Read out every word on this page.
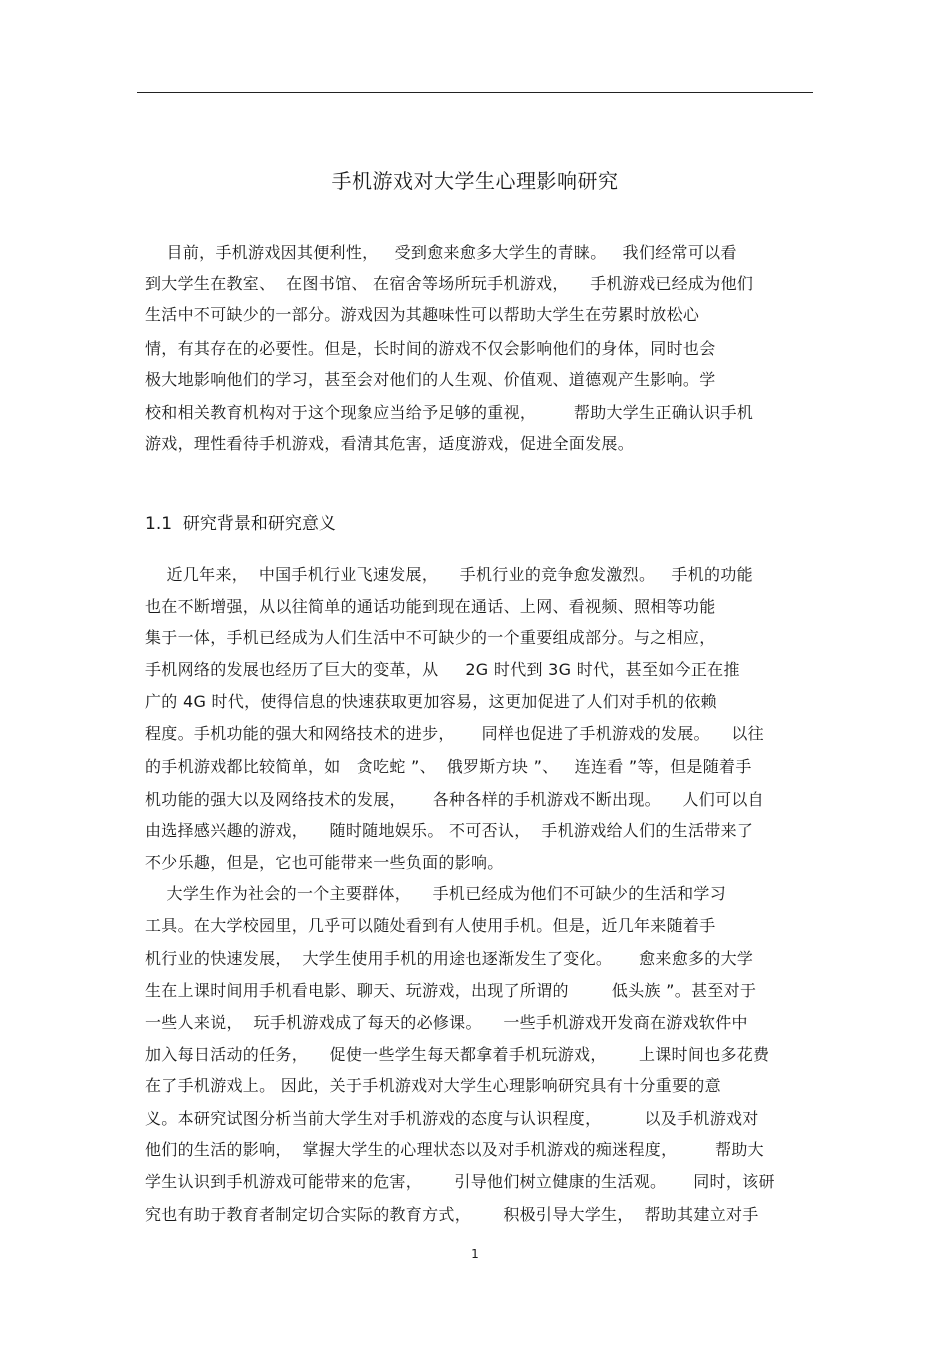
手机游戏对大学生心理影响研究

目前，手机游戏因其便利性，   受到愈来愈多大学生的青睐。   我们经常可以看

到大学生在教室、  在图书馆、 在宿舍等场所玩手机游戏，    手机游戏已经成为他们

生活中不可缺少的一部分。游戏因为其趣味性可以帮助大学生在劳累时放松心

情，有其存在的必要性。但是，长时间的游戏不仅会影响他们的身体，同时也会

极大地影响他们的学习，甚至会对他们的人生观、价值观、道德观产生影响。学

校和相关教育机构对于这个现象应当给予足够的重视，       帮助大学生正确认识手机

游戏，理性看待手机游戏，看清其危害，适度游戏，促进全面发展。

1.1  研究背景和研究意义

近几年来，  中国手机行业飞速发展，    手机行业的竞争愈发激烈。   手机的功能

也在不断增强，从以往简单的通话功能到现在通话、上网、看视频、照相等功能

集于一体，手机已经成为人们生活中不可缺少的一个重要组成部分。与之相应，

手机网络的发展也经历了巨大的变革，从     2G 时代到 3G 时代，甚至如今正在推

广的 4G 时代，使得信息的快速获取更加容易，这更加促进了人们对手机的依赖

程度。手机功能的强大和网络技术的进步，     同样也促进了手机游戏的发展。    以往

的手机游戏都比较简单，如   贪吃蛇 ”、  俄罗斯方块 ”、   连连看 ”等，但是随着手

机功能的强大以及网络技术的发展，     各种各样的手机游戏不断出现。    人们可以自

由选择感兴趣的游戏，    随时随地娱乐。 不可否认，  手机游戏给人们的生活带来了

不少乐趣，但是，它也可能带来一些负面的影响。

大学生作为社会的一个主要群体，    手机已经成为他们不可缺少的生活和学习

工具。在大学校园里，几乎可以随处看到有人使用手机。但是，近几年来随着手

机行业的快速发展，  大学生使用手机的用途也逐渐发生了变化。     愈来愈多的大学

生在上课时间用手机看电影、聊天、玩游戏，出现了所谓的        低头族 ”。甚至对于

一些人来说，  玩手机游戏成了每天的必修课。    一些手机游戏开发商在游戏软件中

加入每日活动的任务，    促使一些学生每天都拿着手机玩游戏，      上课时间也多花费

在了手机游戏上。 因此，关于手机游戏对大学生心理影响研究具有十分重要的意

义。本研究试图分析当前大学生对手机游戏的态度与认识程度，        以及手机游戏对

他们的生活的影响，  掌握大学生的心理状态以及对手机游戏的痴迷程度，       帮助大

学生认识到手机游戏可能带来的危害，      引导他们树立健康的生活观。     同时，该研

究也有助于教育者制定切合实际的教育方式，      积极引导大学生，  帮助其建立对手

1
